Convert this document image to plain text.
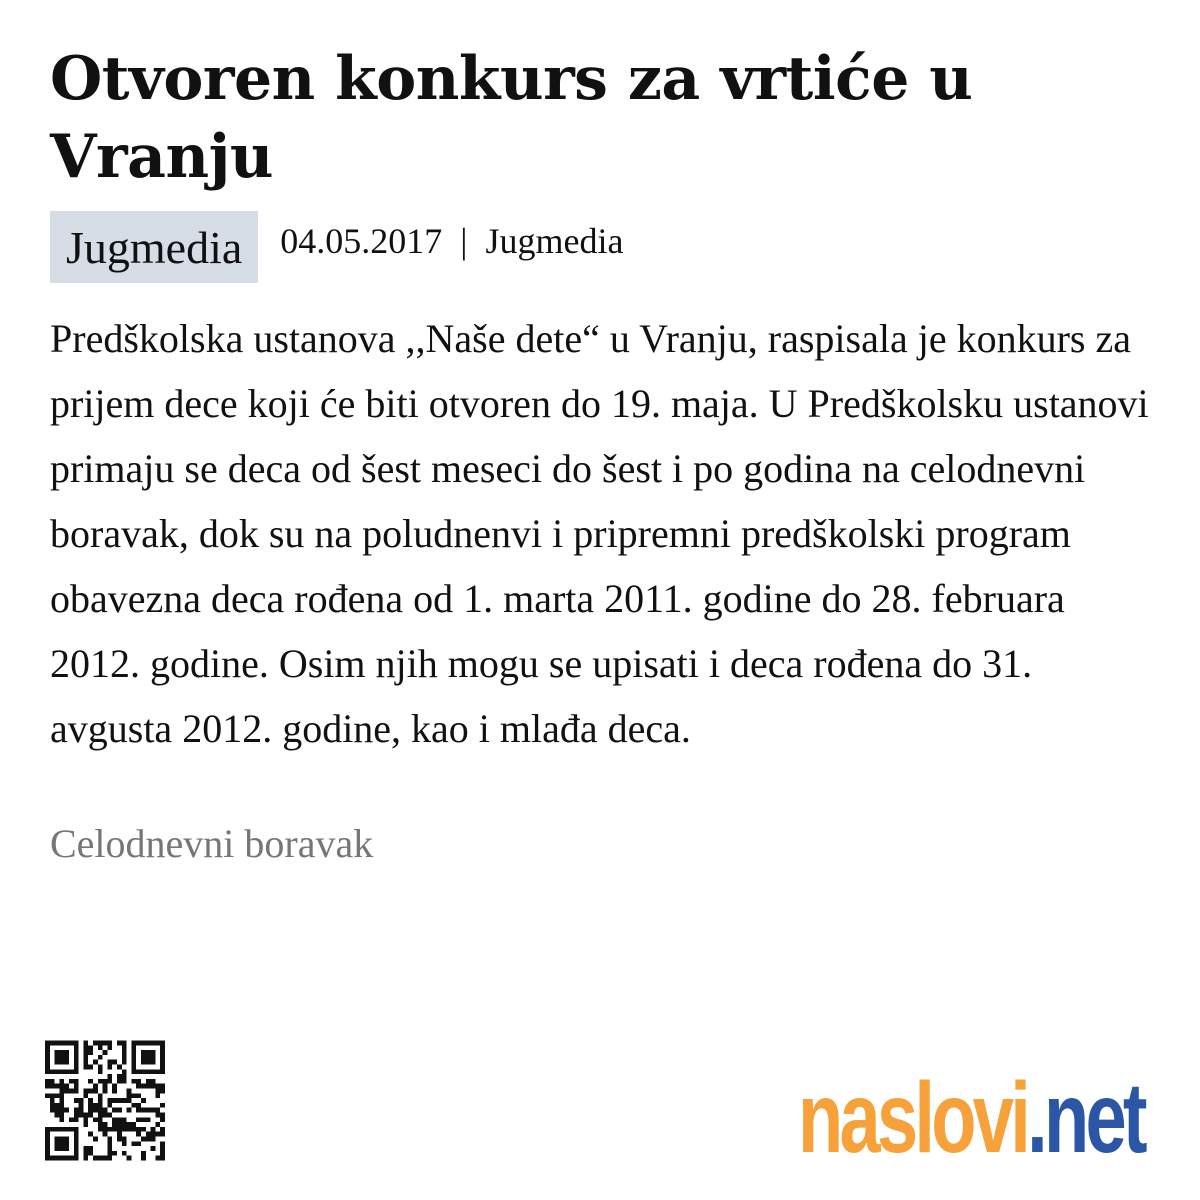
Otvoren konkurs za vrtiće u Vranju
Jugmedia	04.05.2017 | Jugmedia

Predškolska ustanova ,,Naše dete“ u Vranju, raspisala je konkurs za prijem dece koji će biti otvoren do 19. maja. U Predškolsku ustanovi primaju se deca od šest meseci do šest i po godina na celodnevni boravak, dok su na poludnenvi i pripremni predškolski program obavezna deca rođena od 1. marta 2011. godine do 28. februara 2012. godine. Osim njih mogu se upisati i deca rođena do 31. avgusta 2012. godine, kao i mlađa deca.

Celodnevni boravak

naslovi .net
